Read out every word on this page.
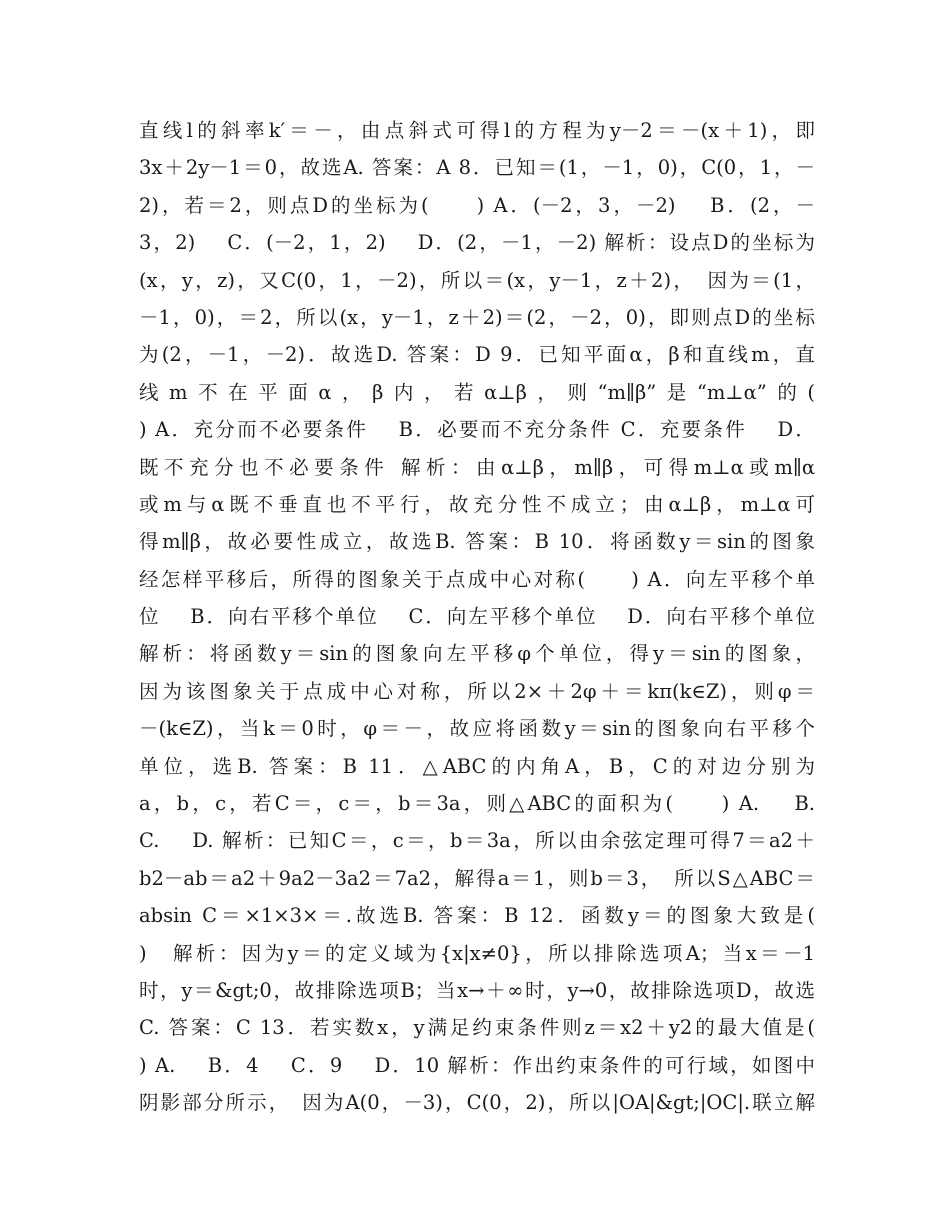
直线l的斜率k′＝－，由点斜式可得l的方程为y－2＝－(x＋1)，即
3x＋2y－1＝0，故选A. 答案：A 8．已知＝(1，－1，0)，C(0，1，－
2)，若＝2，则点D的坐标为(　　) A．(－2，3，－2)　 B．(2，－
3，2)　 C．(－2，1，2)　 D．(2，－1，－2) 解析：设点D的坐标为
(x，y，z)，又C(0，1，－2)，所以＝(x，y－1，z＋2)，　因为＝(1，
－1，0)，＝2，所以(x，y－1，z＋2)＝(2，－2，0)，即则点D的坐标
为(2，－1，－2)．故选D. 答案：D 9．已知平面α，β和直线m，直
线m不在平面α，β内，若α⊥β，则“m∥β”是“m⊥α”的(
) A．充分而不必要条件　 B．必要而不充分条件 C．充要条件　 D．
既不充分也不必要条件 解析：由α⊥β，m∥β，可得m⊥α或m∥α
或m与α既不垂直也不平行，故充分性不成立；由α⊥β，m⊥α可
得m∥β，故必要性成立，故选B. 答案：B 10．将函数y＝sin的图象
经怎样平移后，所得的图象关于点成中心对称(　　) A．向左平移个单
位　 B．向右平移个单位　 C．向左平移个单位　 D．向右平移个单位
解析：将函数y＝sin的图象向左平移φ个单位，得y＝sin的图象，
因为该图象关于点成中心对称，所以2×＋2φ＋＝kπ(k∈Z)，则φ＝
－(k∈Z)，当k＝0时，φ＝－，故应将函数y＝sin的图象向右平移个
单位，选B. 答案：B 11．△ABC的内角A，B，C的对边分别为
a，b，c，若C＝，c＝，b＝3a，则△ABC的面积为(　　) A.　 B.
C.　 D. 解析：已知C＝，c＝，b＝3a，所以由余弦定理可得7＝a2＋
b2－ab＝a2＋9a2－3a2＝7a2，解得a＝1，则b＝3，　所以S△ABC＝
absin C＝×1×3×＝.故选B. 答案：B 12．函数y＝的图象大致是(
)　解析：因为y＝的定义域为{x|x≠0}，所以排除选项A；当x＝－1
时，y＝&gt;0，故排除选项B；当x→＋∞时，y→0，故排除选项D，故选
C. 答案：C 13．若实数x，y满足约束条件则z＝x2＋y2的最大值是(
) A.　 B．4　 C．9　 D．10 解析：作出约束条件的可行域，如图中
阴影部分所示，　因为A(0，－3)，C(0，2)，所以|OA|&gt;|OC|.联立解
